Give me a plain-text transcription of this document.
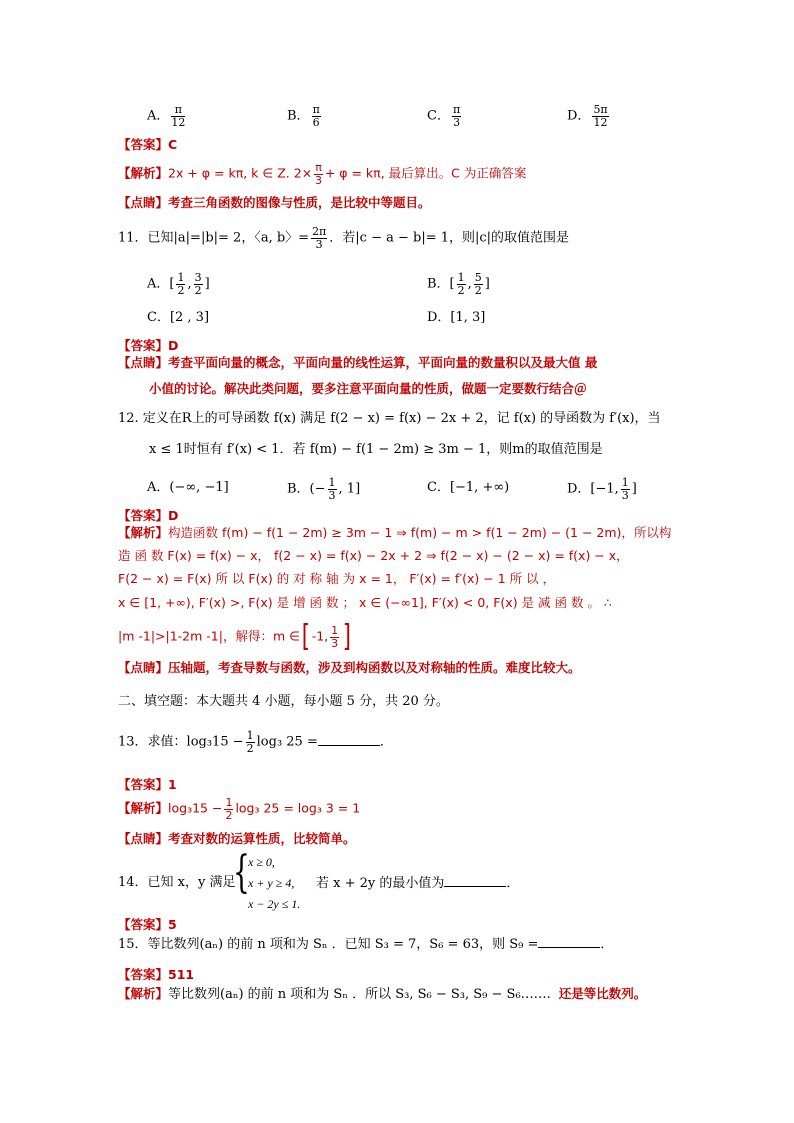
A． $\frac{\pi}{12}$	B． $\frac{\pi}{6}$	C． $\frac{\pi}{3}$	D． $\frac{5\pi}{12}$
【答案】C
【解析】2x + φ = kπ, k ∈ Z. $2\times \frac{\pi}{3} + \varphi = k\pi$, 最后算出。C 为正确答案
【点睛】考查三角函数的图像与性质，是比较中等题目。
11．已知|a|=|b|= 2，〈a, b〉= $\frac{2\pi}{3}$ ．若|c − a − b|= 1，则|c|的取值范围是
A．[ $\frac{1}{2}$ , $\frac{3}{2}$ ]	B．[ $\frac{1}{2}$ , $\frac{5}{2}$ ]
C．[2 , 3]	D．[1, 3]
【答案】D
【点睛】考查平面向量的概念，平面向量的线性运算，平面向量的数量积以及最大值 最
小值的讨论。解决此类问题，要多注意平面向量的性质，做题一定要数行结合＠
12. 定义在R上的可导函数 f(x) 满足 f(2 − x) = f(x) − 2x + 2，记 f(x) 的导函数为 f′(x)，当
x ≤ 1时恒有 f′(x) < 1．若 f(m) − f(1 − 2m) ≥ 3m − 1，则m的取值范围是
A．(−∞, −1]	B．(− $\frac{1}{3}$ , 1]	C．[−1, +∞)	D．[−1, $\frac{1}{3}$ ]
【答案】D
【解析】构造函数 f(m) − f(1 − 2m) ≥ 3m − 1 ⇒ f(m) − m > f(1 − 2m) − (1 − 2m)，所以构
造 函 数 F(x) = f(x) − x， f(2 − x) = f(x) − 2x + 2 ⇒ f(2 − x) − (2 − x) = f(x) − x，
F(2 − x) = F(x) 所 以 F(x) 的 对 称 轴 为 x = 1， F′(x) = f′(x) − 1 所 以 ，
x ∈ [1, +∞), F′(x) >, F(x) 是 增 函 数 ； x ∈ (−∞1], F′(x) < 0, F(x) 是 减 函 数 。 ∴
|m -1|>|1-2m -1|，解得：m ∈[ -1, $\frac{1}{3}$ ]
【点睛】压轴题，考查导数与函数，涉及到构函数以及对称轴的性质。难度比较大。
二、填空题：本大题共 4 小题，每小题 5 分，共 20 分。
13．求值：$\log_315 - \frac{1}{2} \log_3$ 25 =	．
【答案】1
【解析】$\log_315 - \frac{1}{2} \log_3$ 25 = log₃ 3 = 1
【点睛】考查对数的运算性质，比较简单。
14．已知 x，y 满足
{
x ≥ 0,
x + y ≥ 4,
x − 2y ≤ 1.
若 x + 2y 的最小值为	．
【答案】5
15．等比数列(aₙ) 的前 n 项和为 Sₙ ．已知 S₃ = 7，S₆ = 63，则 S₉ =	．
【答案】511
【解析】等比数列(aₙ) 的前 n 项和为 Sₙ ．所以 S₃, S₆ − S₃, S₉ − S₆……. 还是等比数列。
